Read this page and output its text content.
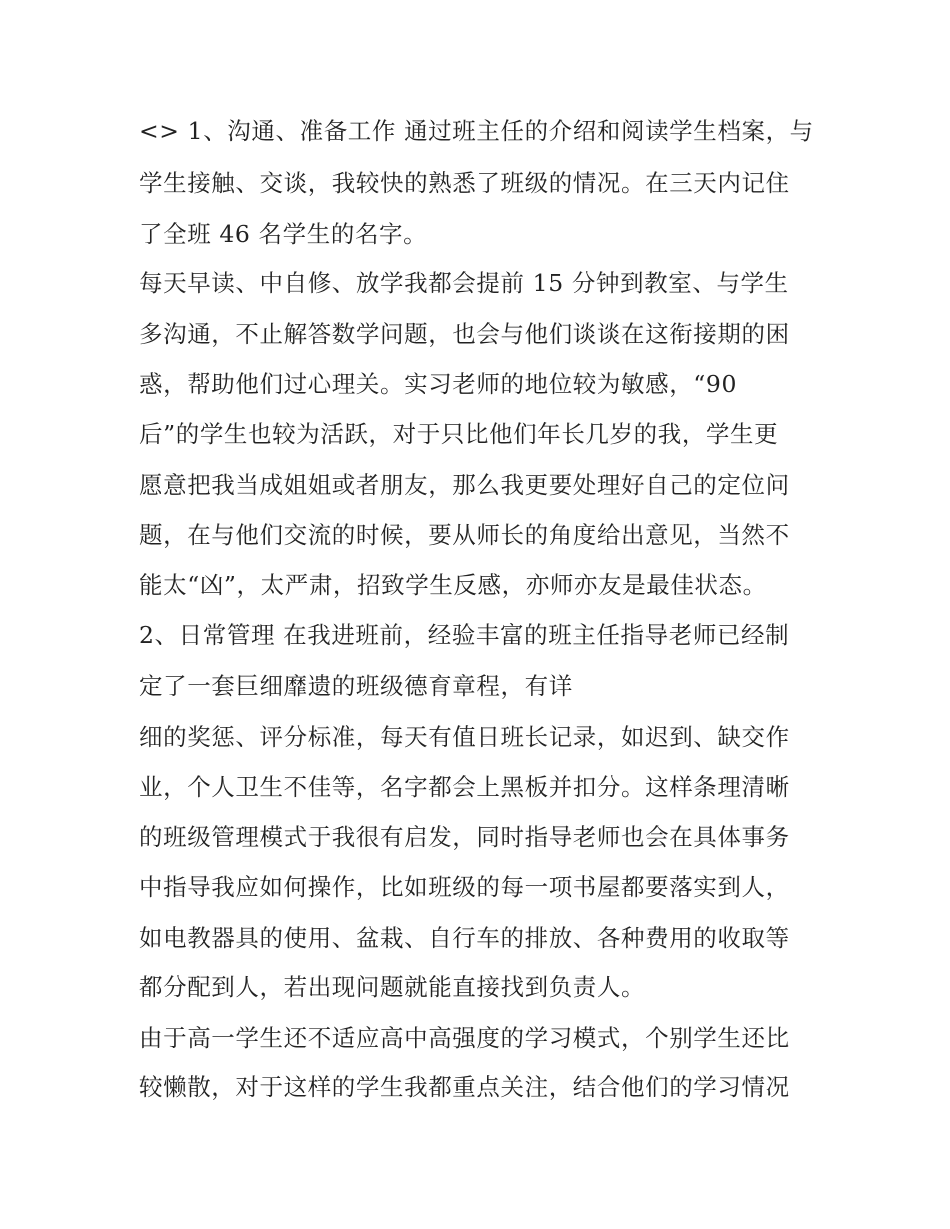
<> 1、沟通、准备工作 通过班主任的介绍和阅读学生档案，与
学生接触、交谈，我较快的熟悉了班级的情况。在三天内记住
了全班 46 名学生的名字。
每天早读、中自修、放学我都会提前 15 分钟到教室、与学生
多沟通，不止解答数学问题，也会与他们谈谈在这衔接期的困
惑，帮助他们过心理关。实习老师的地位较为敏感，“90
后”的学生也较为活跃，对于只比他们年长几岁的我，学生更
愿意把我当成姐姐或者朋友，那么我更要处理好自己的定位问
题，在与他们交流的时候，要从师长的角度给出意见，当然不
能太“凶”，太严肃，招致学生反感，亦师亦友是最佳状态。
2、日常管理 在我进班前，经验丰富的班主任指导老师已经制
定了一套巨细靡遗的班级德育章程，有详
细的奖惩、评分标准，每天有值日班长记录，如迟到、缺交作
业，个人卫生不佳等，名字都会上黑板并扣分。这样条理清晰
的班级管理模式于我很有启发，同时指导老师也会在具体事务
中指导我应如何操作，比如班级的每一项书屋都要落实到人，
如电教器具的使用、盆栽、自行车的排放、各种费用的收取等
都分配到人，若出现问题就能直接找到负责人。
由于高一学生还不适应高中高强度的学习模式，个别学生还比
较懒散，对于这样的学生我都重点关注，结合他们的学习情况
